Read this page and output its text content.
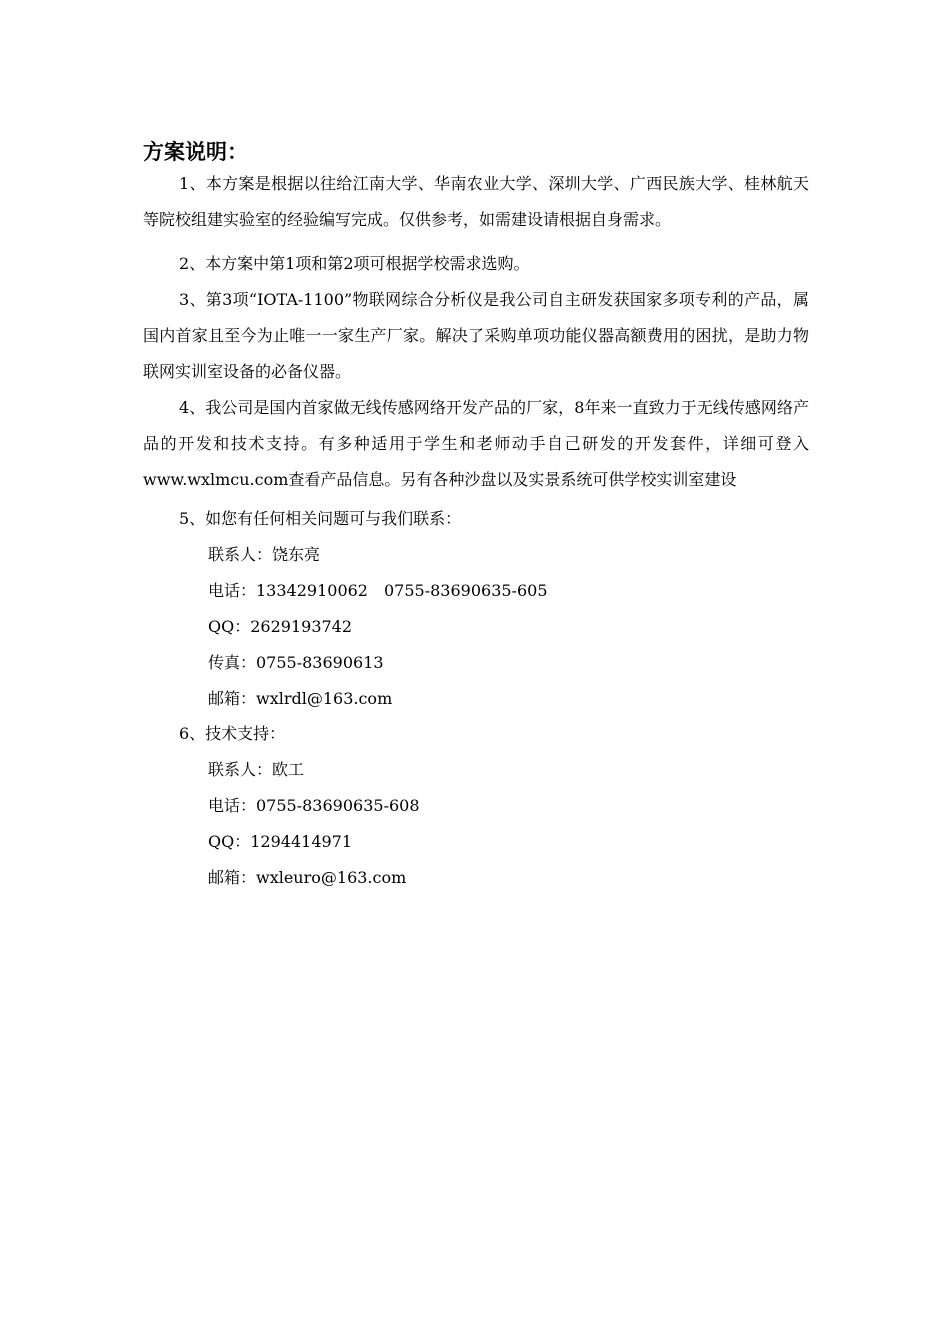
方案说明：

1、本方案是根据以往给江南大学、华南农业大学、深圳大学、广西民族大学、桂林航天等院校组建实验室的经验编写完成。仅供参考，如需建设请根据自身需求。

2、本方案中第1项和第2项可根据学校需求选购。

3、第3项“IOTA-1100”物联网综合分析仪是我公司自主研发获国家多项专利的产品，属国内首家且至今为止唯一一家生产厂家。解决了采购单项功能仪器高额费用的困扰，是助力物联网实训室设备的必备仪器。

4、我公司是国内首家做无线传感网络开发产品的厂家，8年来一直致力于无线传感网络产品的开发和技术支持。有多种适用于学生和老师动手自己研发的开发套件，详细可登入www.wxlmcu.com查看产品信息。另有各种沙盘以及实景系统可供学校实训室建设

5、如您有任何相关问题可与我们联系：
联系人：饶东亮
电话：13342910062 0755-83690635-605
QQ：2629193742
传真：0755-83690613
邮箱：wxlrdl@163.com
6、技术支持：
联系人：欧工
电话：0755-83690635-608
QQ：1294414971
邮箱：wxleuro@163.com
